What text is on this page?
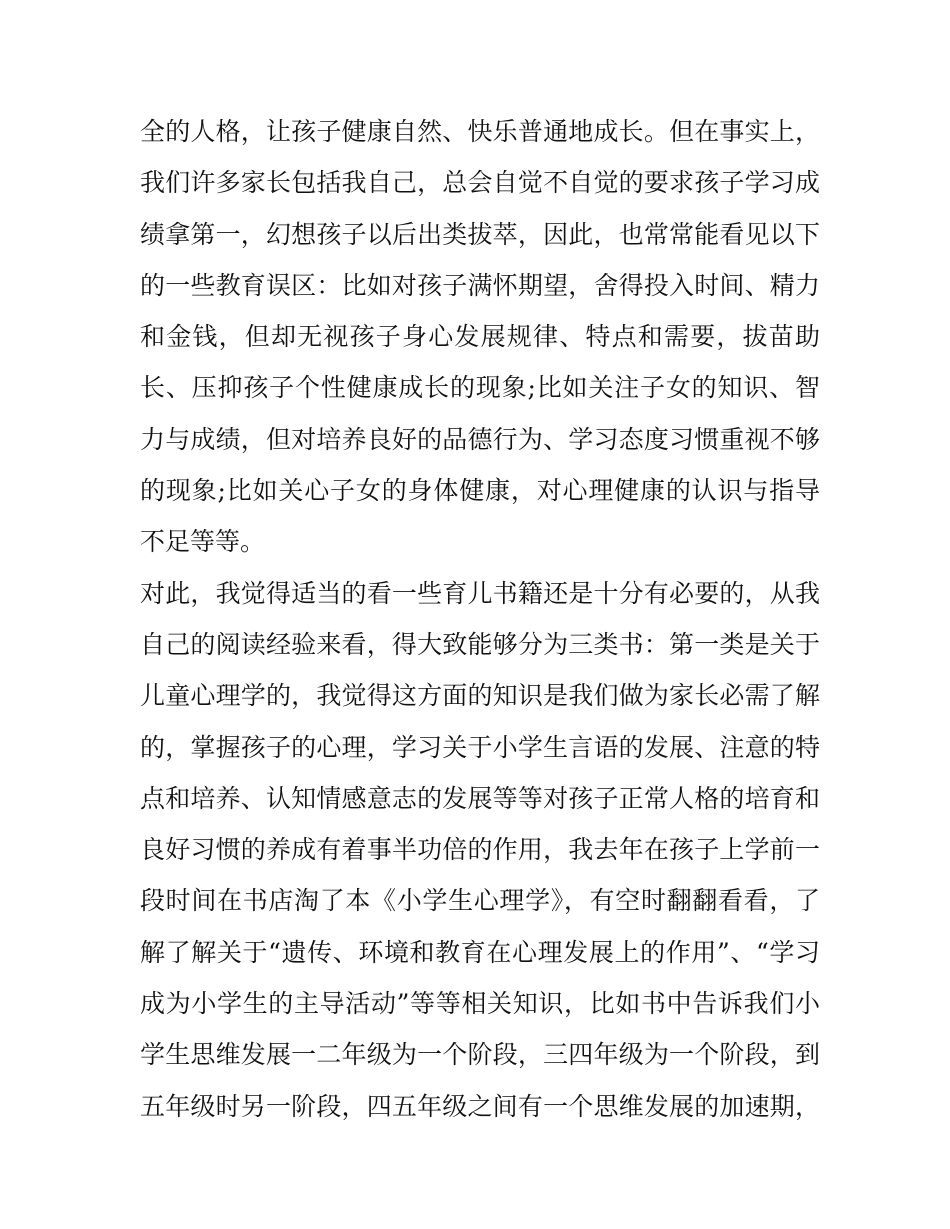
全的人格，让孩子健康自然、快乐普通地成长。但在事实上，
我们许多家长包括我自己，总会自觉不自觉的要求孩子学习成
绩拿第一，幻想孩子以后出类拔萃，因此，也常常能看见以下
的一些教育误区：比如对孩子满怀期望，舍得投入时间、精力
和金钱，但却无视孩子身心发展规律、特点和需要，拔苗助
长、压抑孩子个性健康成长的现象;比如关注子女的知识、智
力与成绩，但对培养良好的品德行为、学习态度习惯重视不够
的现象;比如关心子女的身体健康，对心理健康的认识与指导
不足等等。
对此，我觉得适当的看一些育儿书籍还是十分有必要的，从我
自己的阅读经验来看，得大致能够分为三类书：第一类是关于
儿童心理学的，我觉得这方面的知识是我们做为家长必需了解
的，掌握孩子的心理，学习关于小学生言语的发展、注意的特
点和培养、认知情感意志的发展等等对孩子正常人格的培育和
良好习惯的养成有着事半功倍的作用，我去年在孩子上学前一
段时间在书店淘了本《小学生心理学》，有空时翻翻看看，了
解了解关于“遗传、环境和教育在心理发展上的作用”、“学习
成为小学生的主导活动”等等相关知识，比如书中告诉我们小
学生思维发展一二年级为一个阶段，三四年级为一个阶段，到
五年级时另一阶段，四五年级之间有一个思维发展的加速期，
